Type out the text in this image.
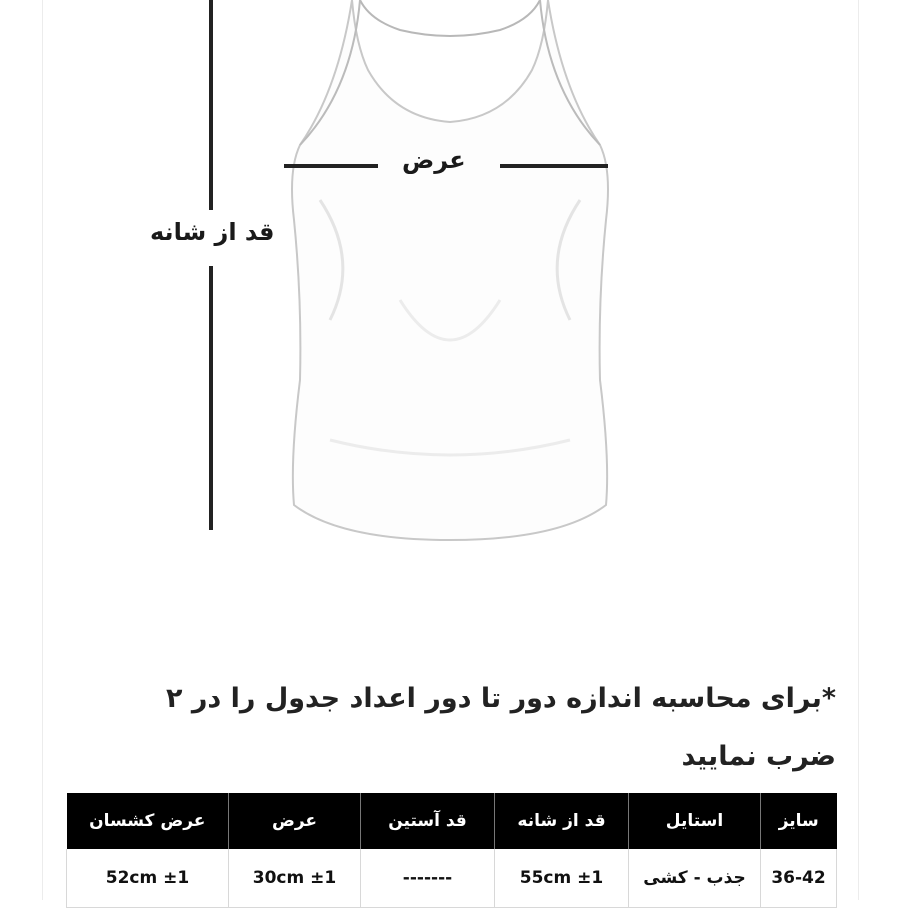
عرض
قد از شانه
*برای محاسبه اندازه دور تا دور اعداد جدول را در ۲ ضرب نمایید
سایز	استایل	قد از شانه	قد آستین	عرض	عرض کشسان
36-42	جذب - کشی	55cm ±1	-------	30cm ±1	52cm ±1
